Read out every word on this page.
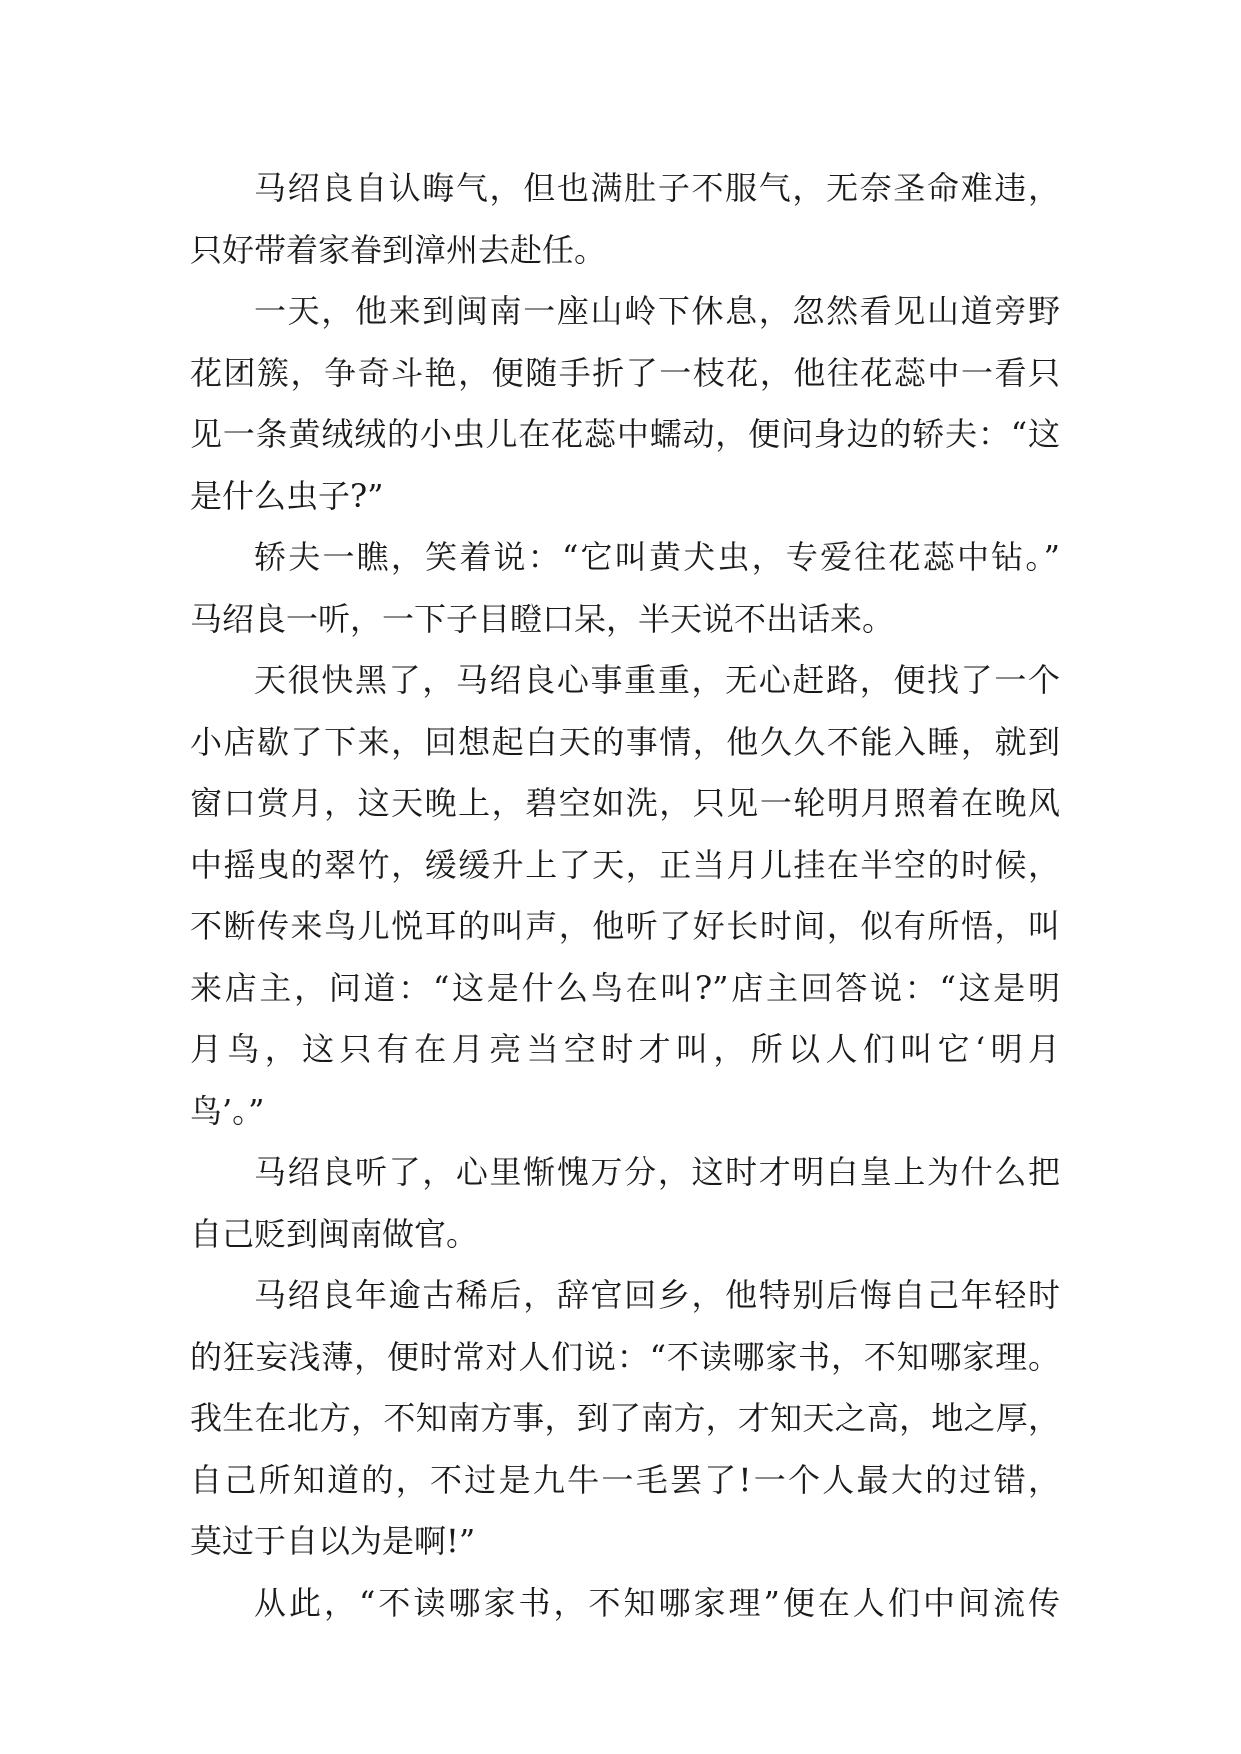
马绍良自认晦气，但也满肚子不服气，无奈圣命难违，
只好带着家眷到漳州去赴任。
一天，他来到闽南一座山岭下休息，忽然看见山道旁野
花团簇，争奇斗艳，便随手折了一枝花，他往花蕊中一看只
见一条黄绒绒的小虫儿在花蕊中蠕动，便问身边的轿夫：“这
是什么虫子?”
轿夫一瞧，笑着说：“它叫黄犬虫，专爱往花蕊中钻。”
马绍良一听，一下子目瞪口呆，半天说不出话来。
天很快黑了，马绍良心事重重，无心赶路，便找了一个
小店歇了下来，回想起白天的事情，他久久不能入睡，就到
窗口赏月，这天晚上，碧空如洗，只见一轮明月照着在晚风
中摇曳的翠竹，缓缓升上了天，正当月儿挂在半空的时候，
不断传来鸟儿悦耳的叫声，他听了好长时间，似有所悟，叫
来店主，问道：“这是什么鸟在叫?”店主回答说：“这是明
月鸟，这只有在月亮当空时才叫，所以人们叫它‘明月
鸟’。”
马绍良听了，心里惭愧万分，这时才明白皇上为什么把
自己贬到闽南做官。
马绍良年逾古稀后，辞官回乡，他特别后悔自己年轻时
的狂妄浅薄，便时常对人们说：“不读哪家书，不知哪家理。
我生在北方，不知南方事，到了南方，才知天之高，地之厚，
自己所知道的，不过是九牛一毛罢了!一个人最大的过错，
莫过于自以为是啊!”
从此，“不读哪家书，不知哪家理”便在人们中间流传
